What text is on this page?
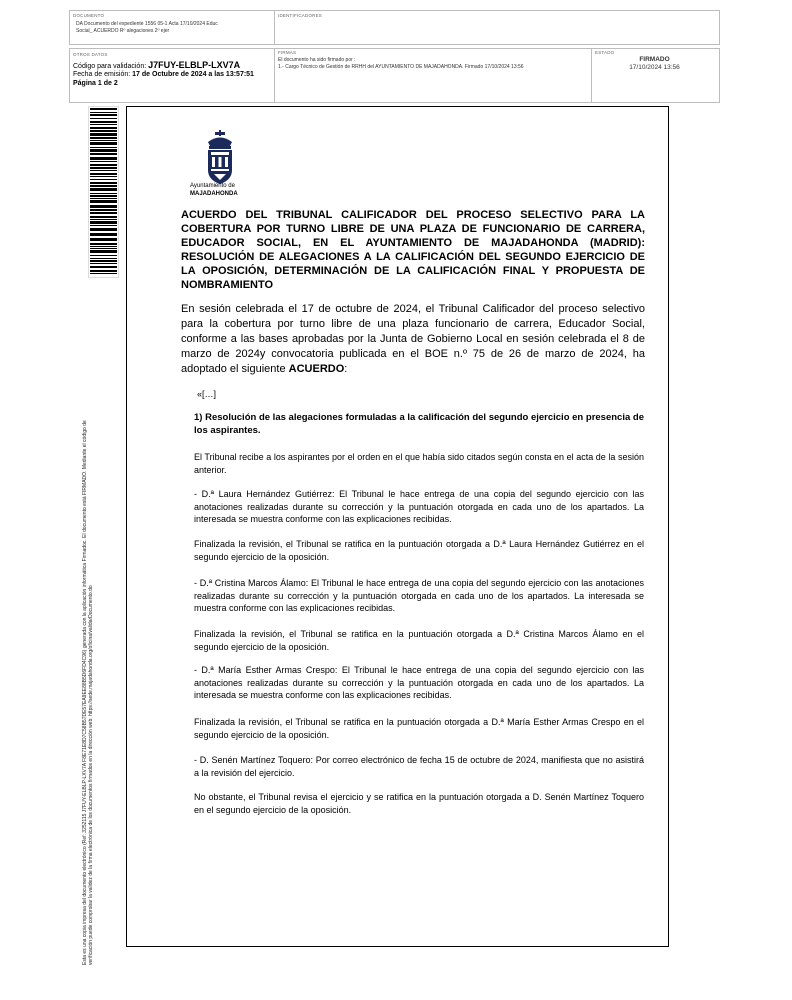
DOCUMENTO
DA Documento del expediente 1556 05-1 Acta 17/10/2024 Educ
Social_ ACUERDO Rº alegaciones 2º ejer
IDENTIFICADORES
OTROS DATOS
Código para validación: J7FUY-ELBLP-LXV7A
Fecha de emisión: 17 de Octubre de 2024 a las 13:57:51
Página 1 de 2
FIRMAS
El documento ha sido firmado por :
1.- Cargo Técnico de Gestión de RRHH del AYUNTAMIENTO DE MAJADAHONDA. Firmado 17/10/2024 13:56
ESTADO
FIRMADO
17/10/2024 13:56
Esta es una copia impresa del documento electrónico (Ref: 3252115 J7FUY-ELBLP-LXV7A F8E71E8D7C58B57DE57EA9EE88B5D6FD4C96) generada con la aplicación informática Firmadoc. El documento está FIRMADO. Mediante el código de verificación puede comprobar la validez de la firma electrónica de los documentos firmados en la dirección web: https://sede.majadahonda.org/oficina/validarDocumento.do
Ayuntamiento de
MAJADAHONDA
ACUERDO DEL TRIBUNAL CALIFICADOR DEL PROCESO SELECTIVO PARA LA COBERTURA POR TURNO LIBRE DE UNA PLAZA DE FUNCIONARIO DE CARRERA, EDUCADOR SOCIAL, EN EL AYUNTAMIENTO DE MAJADAHONDA (MADRID): RESOLUCIÓN DE ALEGACIONES A LA CALIFICACIÓN DEL SEGUNDO EJERCICIO DE LA OPOSICIÓN, DETERMINACIÓN DE LA CALIFICACIÓN FINAL Y PROPUESTA DE NOMBRAMIENTO
En sesión celebrada el 17 de octubre de 2024, el Tribunal Calificador del proceso selectivo para la cobertura por turno libre de una plaza funcionario de carrera, Educador Social, conforme a las bases aprobadas por la Junta de Gobierno Local en sesión celebrada el 8 de marzo de 2024y convocatoria publicada en el BOE n.º 75 de 26 de marzo de 2024, ha adoptado el siguiente ACUERDO:
«[…]
1) Resolución de las alegaciones formuladas a la calificación del segundo ejercicio en presencia de los aspirantes.
El Tribunal recibe a los aspirantes por el orden en el que había sido citados según consta en el acta de la sesión anterior.
- D.ª Laura Hernández Gutiérrez: El Tribunal le hace entrega de una copia del segundo ejercicio con las anotaciones realizadas durante su corrección y la puntuación otorgada en cada uno de los apartados. La interesada se muestra conforme con las explicaciones recibidas.
Finalizada la revisión, el Tribunal se ratifica en la puntuación otorgada a D.ª Laura Hernández Gutiérrez en el segundo ejercicio de la oposición.
- D.ª Cristina Marcos Álamo: El Tribunal le hace entrega de una copia del segundo ejercicio con las anotaciones realizadas durante su corrección y la puntuación otorgada en cada uno de los apartados. La interesada se muestra conforme con las explicaciones recibidas.
Finalizada la revisión, el Tribunal se ratifica en la puntuación otorgada a D.ª Cristina Marcos Álamo en el segundo ejercicio de la oposición.
- D.ª María Esther Armas Crespo: El Tribunal le hace entrega de una copia del segundo ejercicio con las anotaciones realizadas durante su corrección y la puntuación otorgada en cada uno de los apartados. La interesada se muestra conforme con las explicaciones recibidas.
Finalizada la revisión, el Tribunal se ratifica en la puntuación otorgada a D.ª María Esther Armas Crespo en el segundo ejercicio de la oposición.
- D. Senén Martínez Toquero: Por correo electrónico de fecha 15 de octubre de 2024, manifiesta que no asistirá a la revisión del ejercicio.
No obstante, el Tribunal revisa el ejercicio y se ratifica en la puntuación otorgada a D. Senén Martínez Toquero en el segundo ejercicio de la oposición.
